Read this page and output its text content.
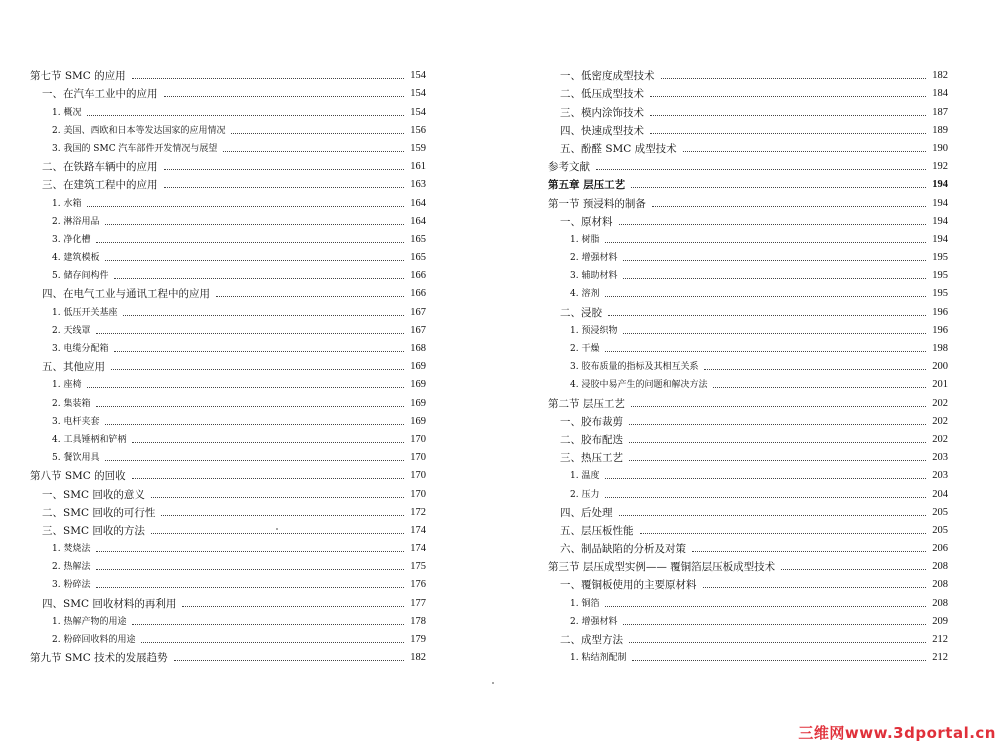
第七节 SMC 的应用	154
一、在汽车工业中的应用	154
1. 概况	154
2. 美国、西欧和日本等发达国家的应用情况	156
3. 我国的 SMC 汽车部件开发情况与展望	159
二、在铁路车辆中的应用	161
三、在建筑工程中的应用	163
1. 水箱	164
2. 淋浴用品	164
3. 净化槽	165
4. 建筑模板	165
5. 储存间构件	166
四、在电气工业与通讯工程中的应用	166
1. 低压开关基座	167
2. 天线罩	167
3. 电缆分配箱	168
五、其他应用	169
1. 座椅	169
2. 集装箱	169
3. 电杆夹套	169
4. 工具锤柄和铲柄	170
5. 餐饮用具	170
第八节 SMC 的回收	170
一、SMC 回收的意义	170
二、SMC 回收的可行性	172
三、SMC 回收的方法	174
1. 焚烧法	174
2. 热解法	175
3. 粉碎法	176
四、SMC 回收材料的再利用	177
1. 热解产物的用途	178
2. 粉碎回收料的用途	179
第九节 SMC 技术的发展趋势	182
一、低密度成型技术	182
二、低压成型技术	184
三、模内涂饰技术	187
四、快速成型技术	189
五、酚醛 SMC 成型技术	190
参考文献	192
第五章 层压工艺	194
第一节 预浸料的制备	194
一、原材料	194
1. 树脂	194
2. 增强材料	195
3. 辅助材料	195
4. 溶剂	195
二、浸胶	196
1. 预浸织物	196
2. 干燥	198
3. 胶布质量的指标及其相互关系	200
4. 浸胶中易产生的问题和解决方法	201
第二节 层压工艺	202
一、胶布裁剪	202
二、胶布配迭	202
三、热压工艺	203
1. 温度	203
2. 压力	204
四、后处理	205
五、层压板性能	205
六、制品缺陷的分析及对策	206
第三节 层压成型实例—— 覆铜箔层压板成型技术	208
一、覆铜板使用的主要原材料	208
1. 铜箔	208
2. 增强材料	209
二、成型方法	212
1. 粘结剂配制	212
三维网www.3dportal.cn
